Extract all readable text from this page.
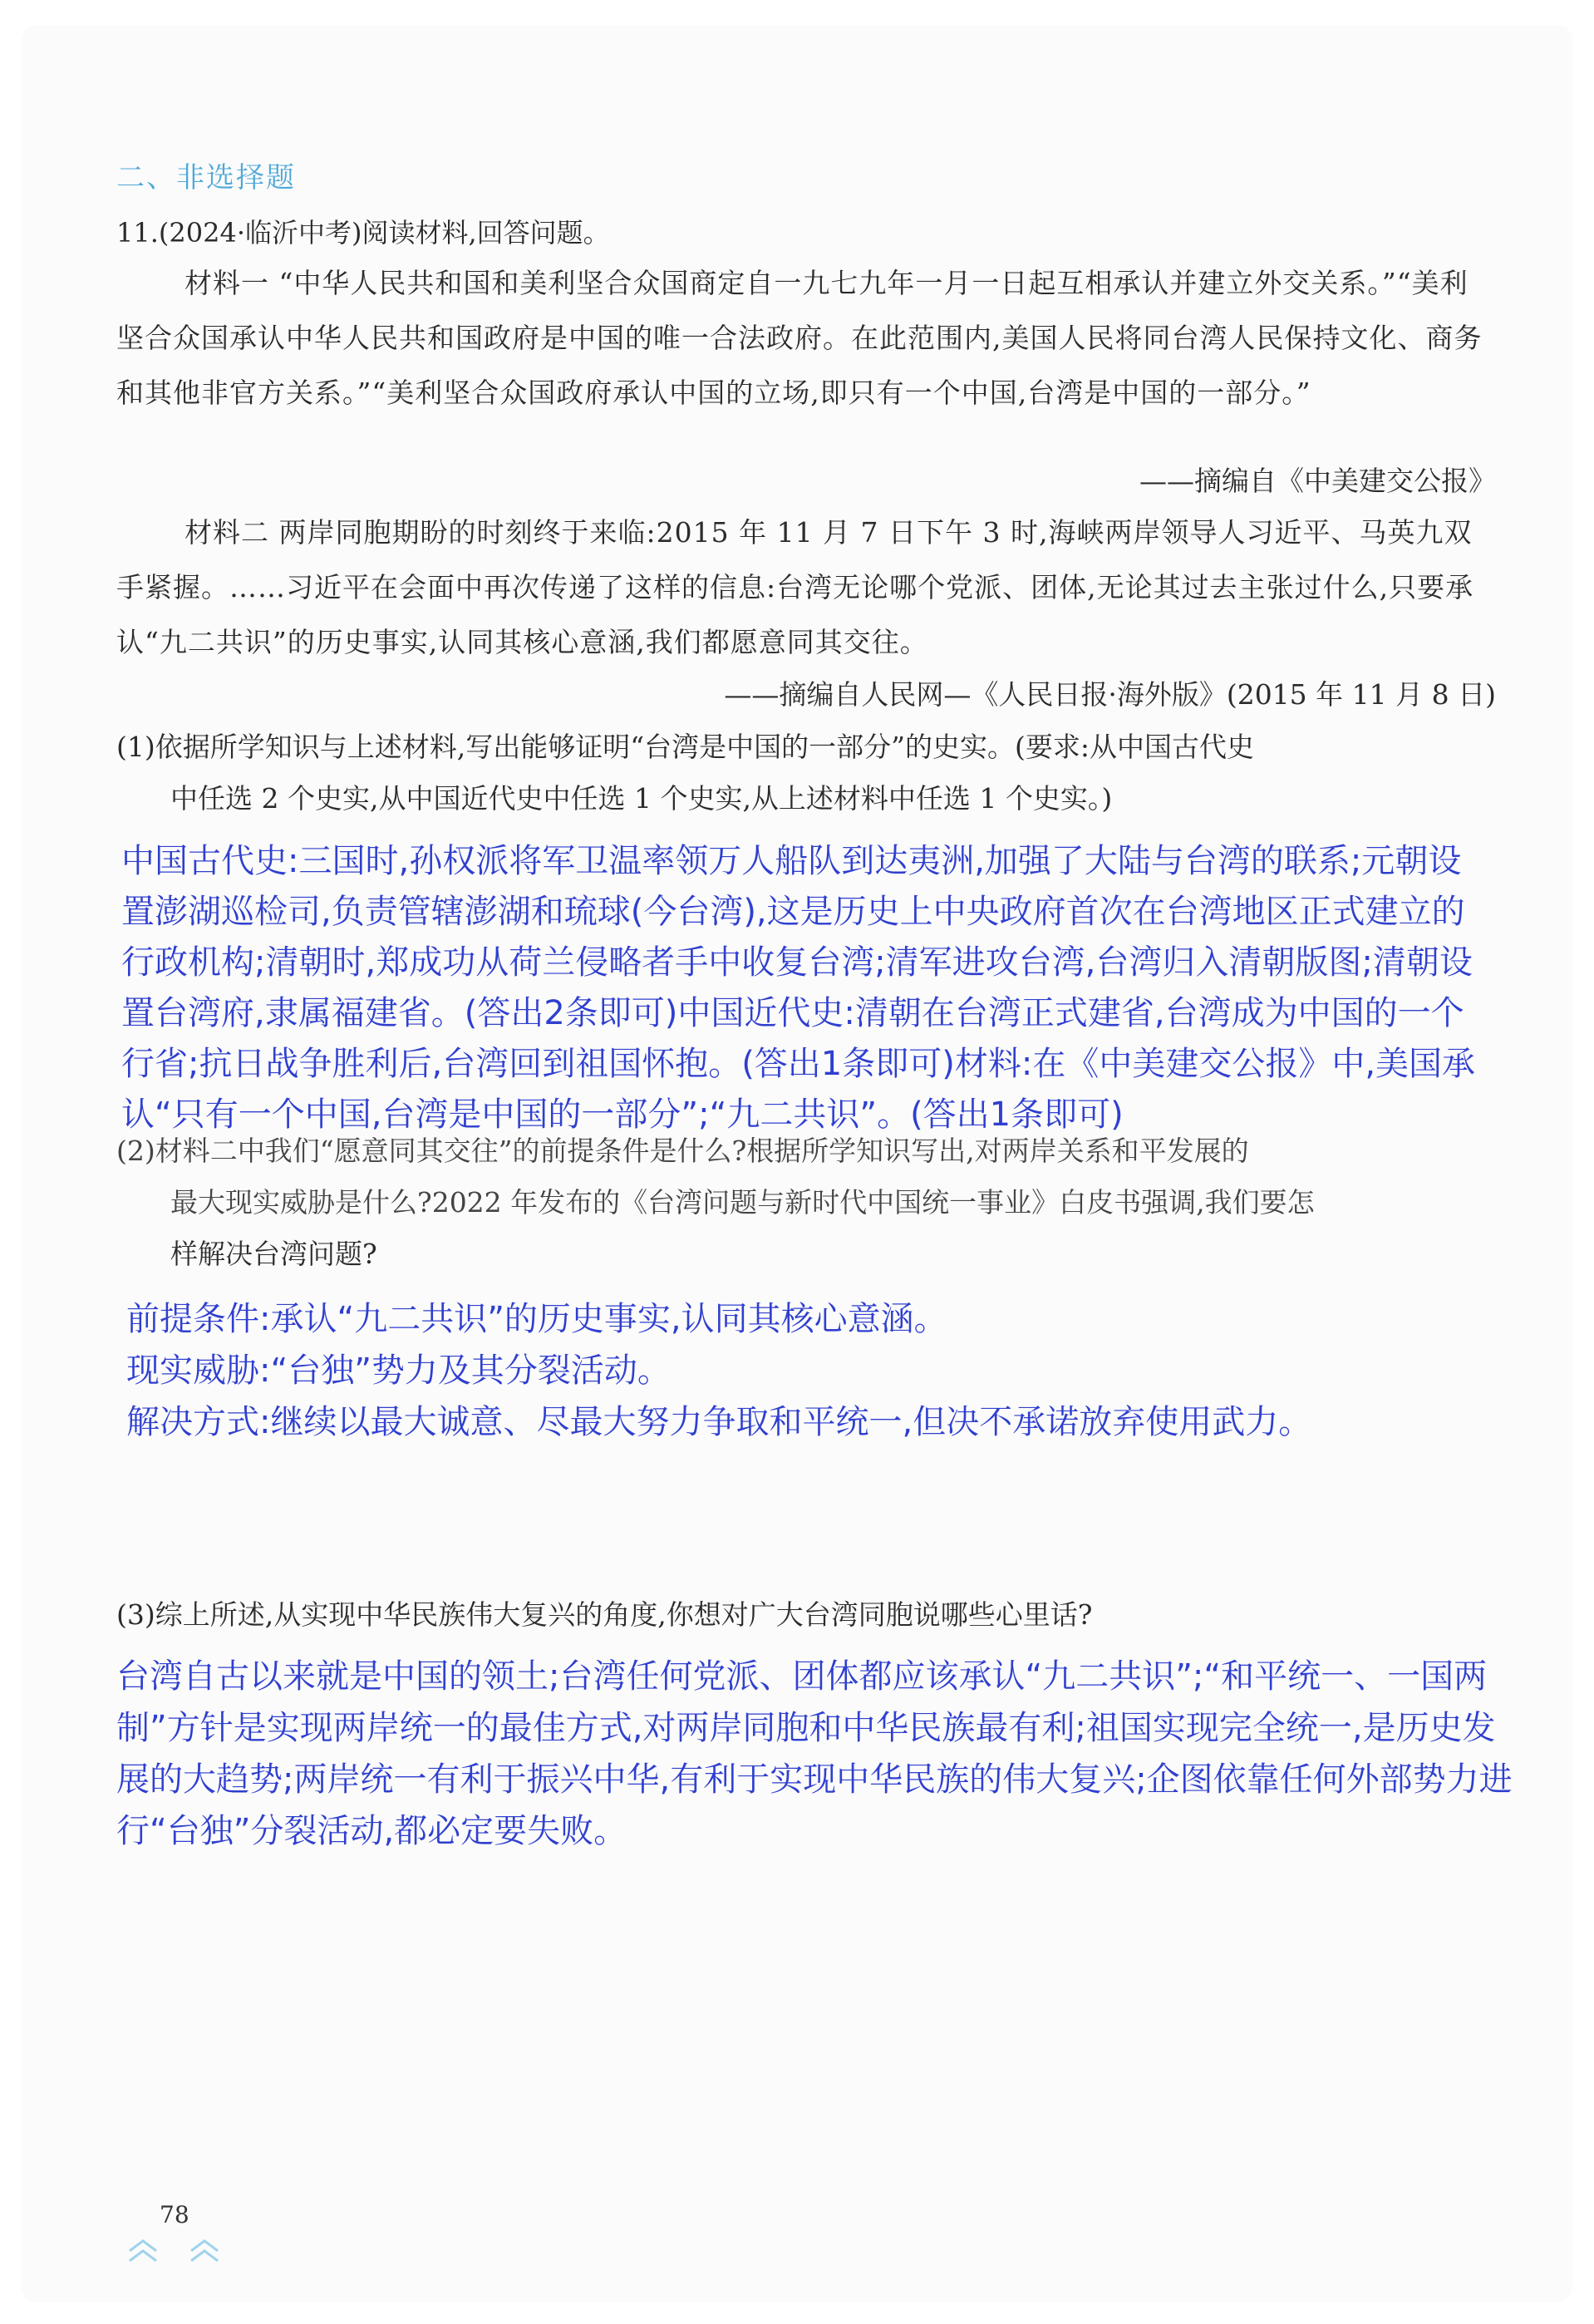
二、非选择题
11.(2024·临沂中考)阅读材料,回答问题。
材料一 “中华人民共和国和美利坚合众国商定自一九七九年一月一日起互相承认并建立外交关系。”“美利坚合众国承认中华人民共和国政府是中国的唯一合法政府。在此范围内,美国人民将同台湾人民保持文化、商务和其他非官方关系。”“美利坚合众国政府承认中国的立场,即只有一个中国,台湾是中国的一部分。”
——摘编自《中美建交公报》
材料二 两岸同胞期盼的时刻终于来临:2015 年 11 月 7 日下午 3 时,海峡两岸领导人习近平、马英九双手紧握。……习近平在会面中再次传递了这样的信息:台湾无论哪个党派、团体,无论其过去主张过什么,只要承认“九二共识”的历史事实,认同其核心意涵,我们都愿意同其交往。
——摘编自人民网—《人民日报·海外版》(2015 年 11 月 8 日)
(1)依据所学知识与上述材料,写出能够证明“台湾是中国的一部分”的史实。(要求:从中国古代史
中任选 2 个史实,从中国近代史中任选 1 个史实,从上述材料中任选 1 个史实。)
(2)材料二中我们“愿意同其交往”的前提条件是什么?根据所学知识写出,对两岸关系和平发展的
最大现实威胁是什么?2022 年发布的《台湾问题与新时代中国统一事业》白皮书强调,我们要怎
样解决台湾问题?
中国古代史:三国时,孙权派将军卫温率领万人船队到达夷洲,加强了大陆与台湾的联系;元朝设置澎湖巡检司,负责管辖澎湖和琉球(今台湾),这是历史上中央政府首次在台湾地区正式建立的行政机构;清朝时,郑成功从荷兰侵略者手中收复台湾;清军进攻台湾,台湾归入清朝版图;清朝设置台湾府,隶属福建省。(答出2条即可)中国近代史:清朝在台湾正式建省,台湾成为中国的一个行省;抗日战争胜利后,台湾回到祖国怀抱。(答出1条即可)材料:在《中美建交公报》中,美国承认“只有一个中国,台湾是中国的一部分”;“九二共识”。(答出1条即可)
前提条件:承认“九二共识”的历史事实,认同其核心意涵。
现实威胁:“台独”势力及其分裂活动。
解决方式:继续以最大诚意、尽最大努力争取和平统一,但决不承诺放弃使用武力。
(3)综上所述,从实现中华民族伟大复兴的角度,你想对广大台湾同胞说哪些心里话?
台湾自古以来就是中国的领土;台湾任何党派、团体都应该承认“九二共识”;“和平统一、一国两制”方针是实现两岸统一的最佳方式,对两岸同胞和中华民族最有利;祖国实现完全统一,是历史发展的大趋势;两岸统一有利于振兴中华,有利于实现中华民族的伟大复兴;企图依靠任何外部势力进行“台独”分裂活动,都必定要失败。
78
